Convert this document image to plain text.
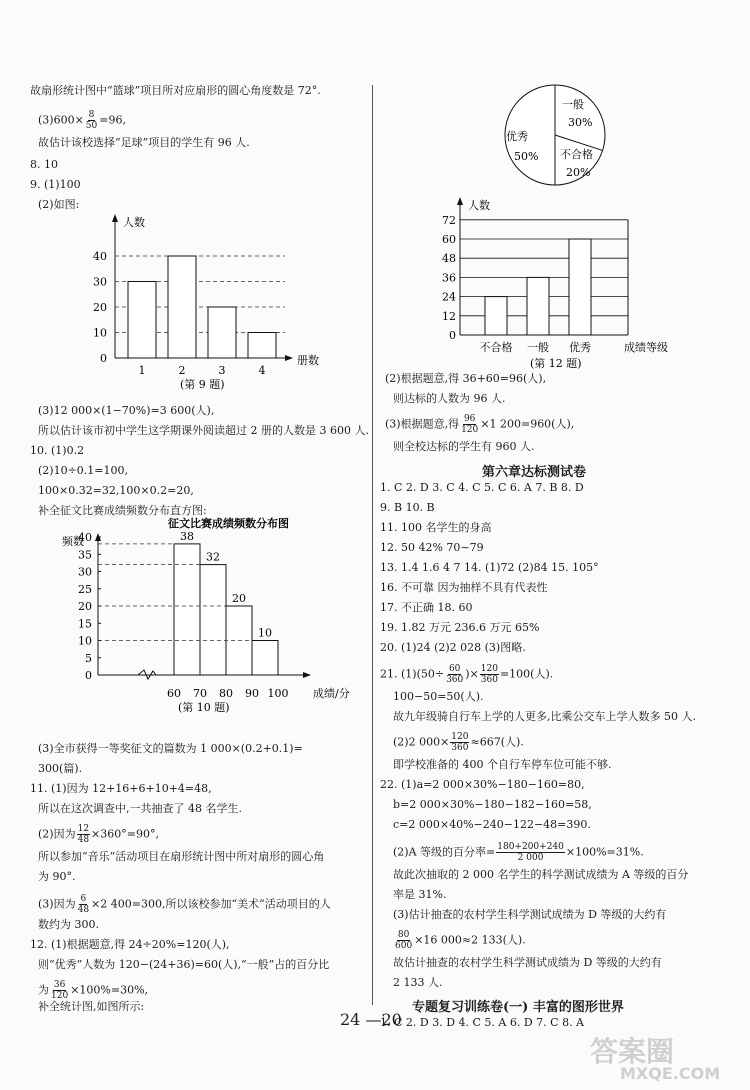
故扇形统计图中“篮球”项目所对应扇形的圆心角度数是 72°.
$(3)600\times \frac{8}{50} =96$,
故估计该校选择“足球”项目的学生有 96 人.
8. 10
9. (1)100
(2)如图:
人数
册数
0
10
20
30
40
1	2	3	4
(第 9 题)
(3)12 000×(1−70%)=3 600(人),
所以估计该市初中学生这学期课外阅读超过 2 册的人数是 3 600 人.
10. (1)0.2
(2)10÷0.1=100,
100×0.32=32,100×0.2=20,
补全征文比赛成绩频数分布直方图:
征文比赛成绩频数分布图
频数
成绩/分
0
5
10
15
20
25
30
35
40	38
32
20
10
60 70 80 90 100
(第 10 题)
(3)全市获得一等奖征文的篇数为 1 000×(0.2+0.1)=
300(篇).
11. (1)因为 12+16+6+10+4=48,
所以在这次调查中,一共抽查了 48 名学生.
(2)因为 $\frac{12}{48} \times 360^\circ=90^\circ$,
所以参加“音乐”活动项目在扇形统计图中所对扇形的圆心角
为 90°.
(3)因为 $\frac{6}{48} \times 2$ 400=300,所以该校参加“美术”活动项目的人
数约为 300.
12. (1)根据题意,得 24÷20%=120(人),
则“优秀”人数为 120−(24+36)=60(人),“一般”占的百分比
为 $\frac{36}{120} \times 100\%=30\%$,
补全统计图,如图所示:
一般
30%
不合格
20%
优秀
50%
人数
0
12
24
36
48
60
72
不合格 一般 优秀	成绩等级
(第 12 题)
(2)根据题意,得 36+60=96(人),
则达标的人数为 96 人.
(3)根据题意,得 $\frac{96}{120} \times 1$ 200=960(人),
则全校达标的学生有 960 人.
第六章达标测试卷
1. C 2. D 3. C 4. C 5. C 6. A 7. B 8. D
9. B 10. B
11. 100 名学生的身高
12. 50 42% 70∼79
13. 1.4 1.6 4 7 14. (1)72 (2)84 15. 105°
16. 不可靠 因为抽样不具有代表性
17. 不正确 18. 60
19. 1.82 万元 236.6 万元 65%
20. (1)24 (2)2 028 (3)图略.
21. $(1)(50\div \frac{60}{360}$ )× $\frac{120}{360} =100$(人).
100−50=50(人).
故九年级骑自行车上学的人更多,比乘公交车上学人数多 50 人.
(2)2 $000\times \frac{120}{360} \approx 667$(人).
即学校准备的 400 个自行车停车位可能不够.
22. (1)a=2 000×30%−180−160=80,
b=2 000×30%−180−182−160=58,
c=2 000×40%−240−122−48=390.
(2)A 等级的百分率= $\frac{180+200+240}{2 000} \times 100\%=31\%$.
故此次抽取的 2 000 名学生的科学测试成绩为 A 等级的百分
率是 31%.
(3)估计抽查的农村学生科学测试成绩为 D 等级的大约有
$\frac{80}{600} \times 16$ 000≈2 133(人).
故估计抽查的农村学生科学测试成绩为 D 等级的大约有
2 133 人.
专题复习训练卷(一) 丰富的图形世界
1. C 2. D 3. D 4. C 5. A 6. D 7. C 8. A
24 —20
答案圈
MXQE.COM
